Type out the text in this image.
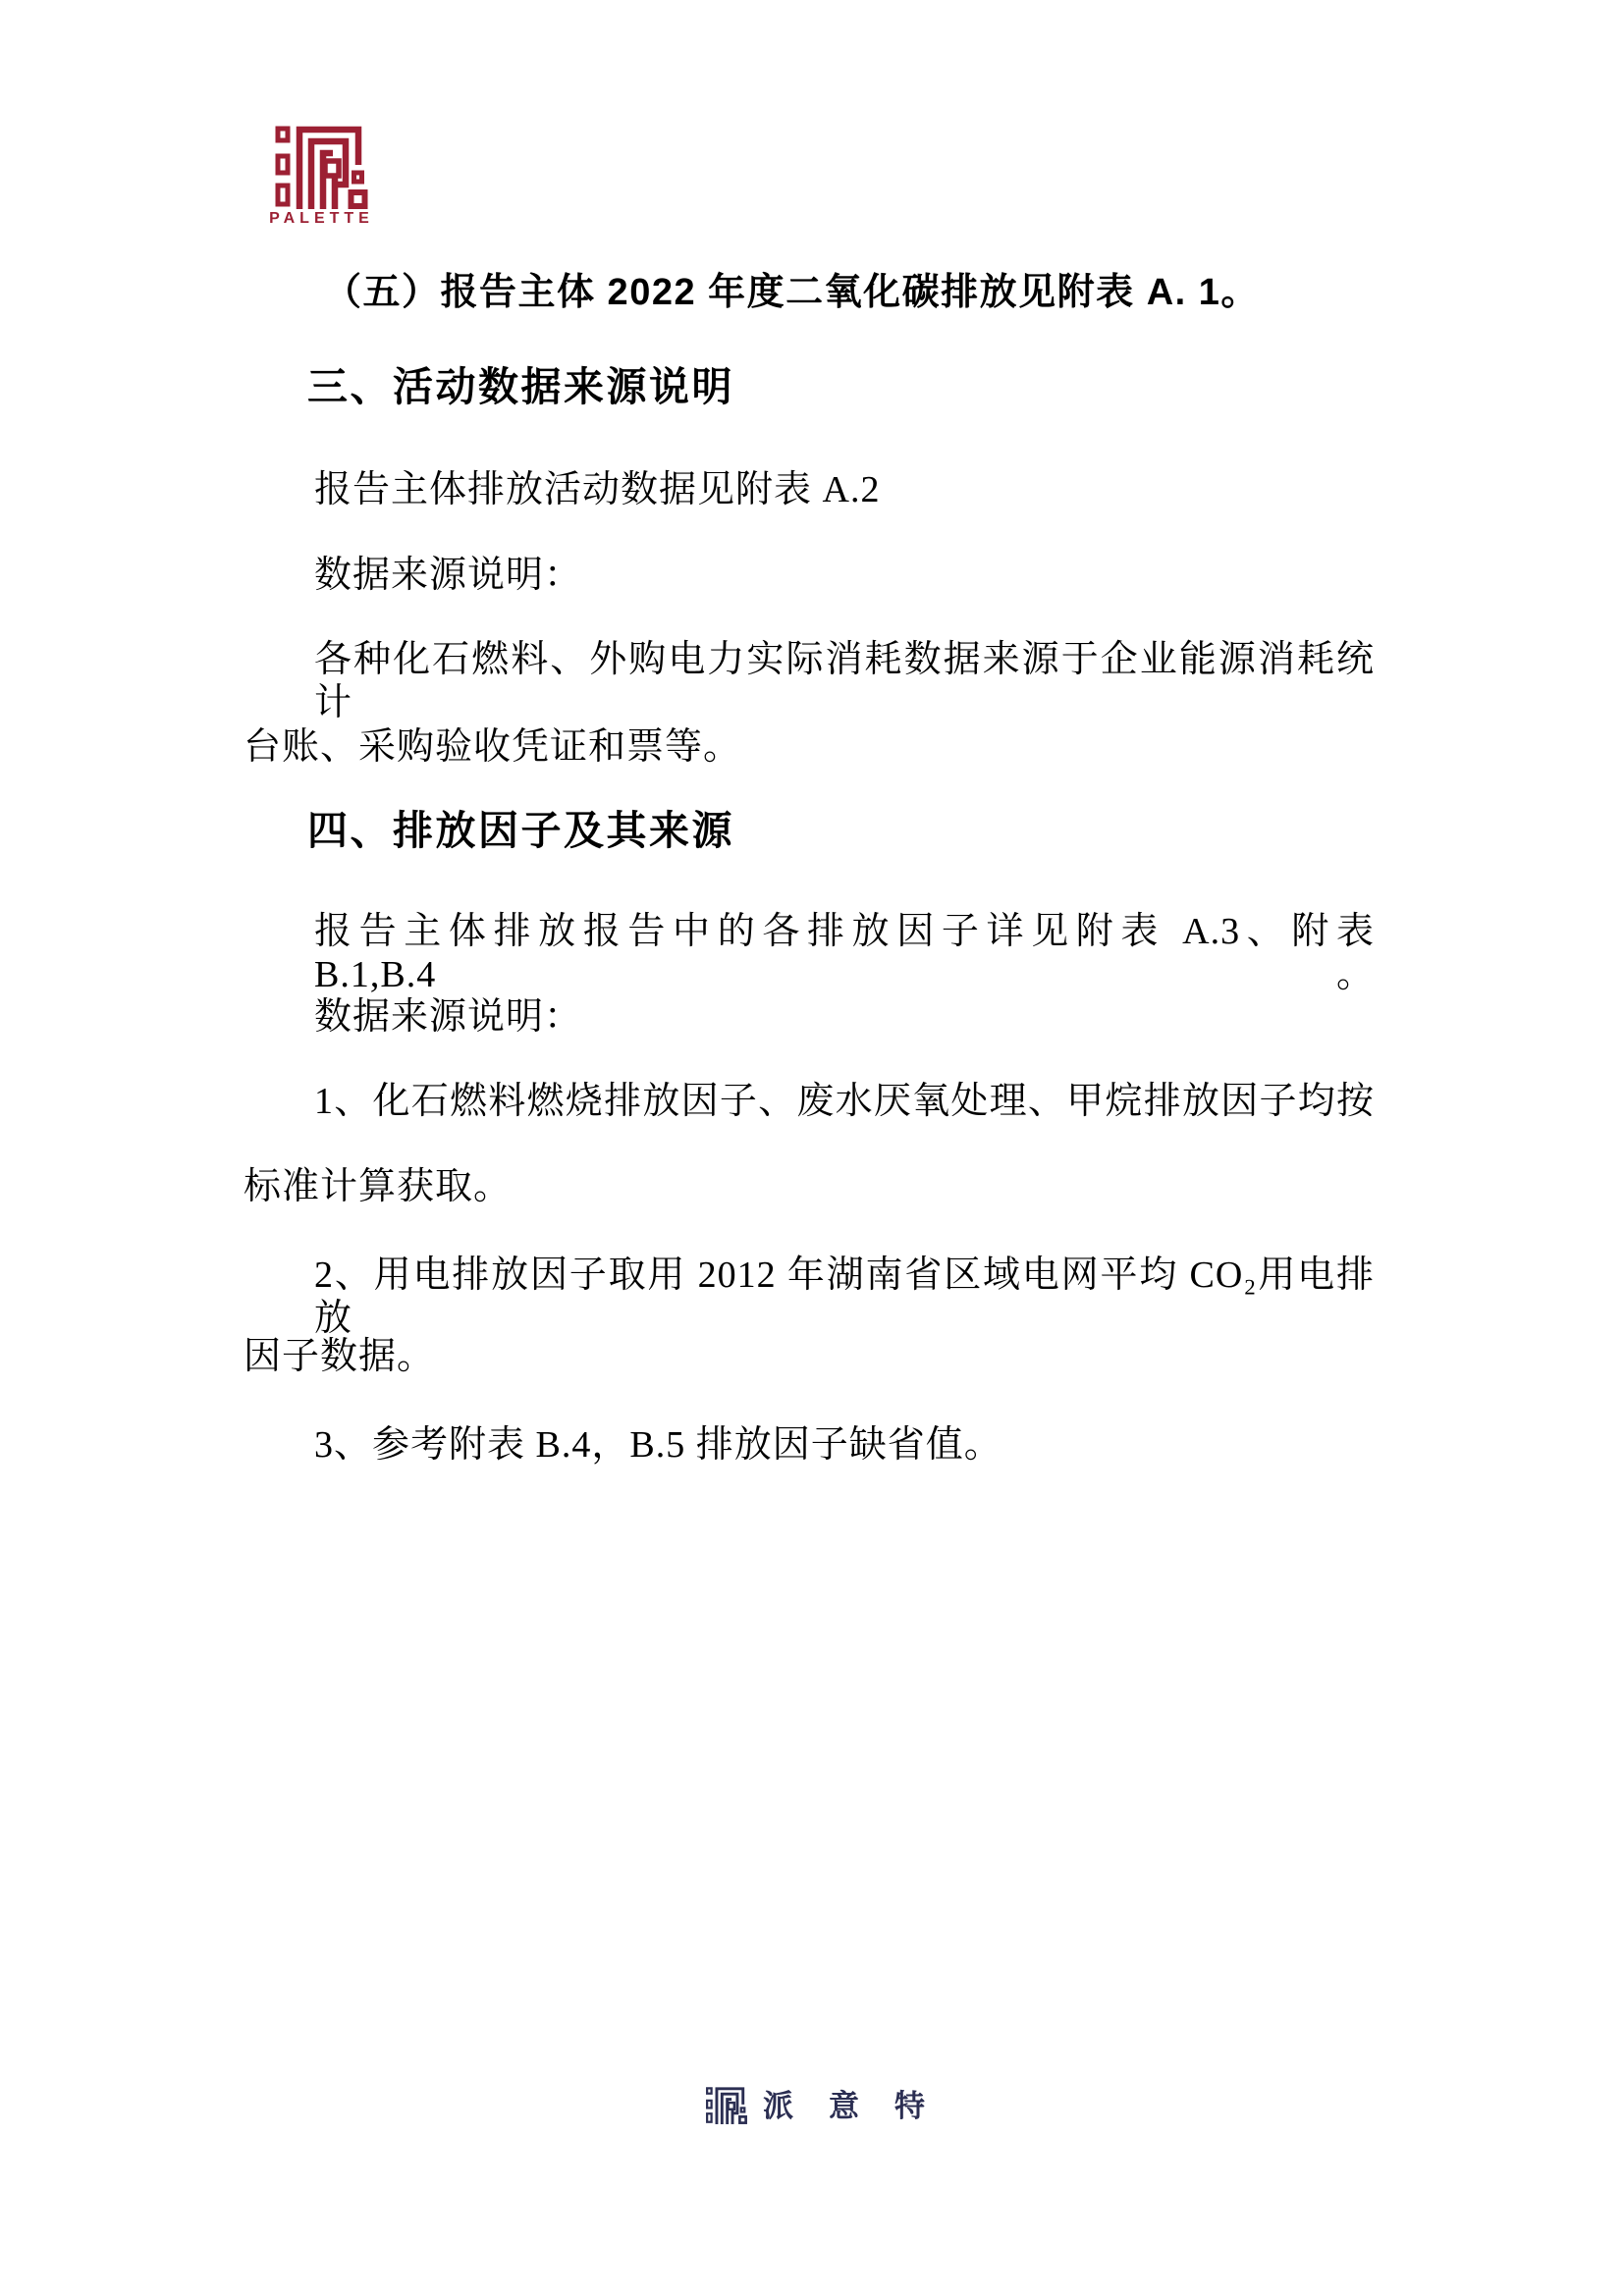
PALETTE
（五）报告主体 2022 年度二氧化碳排放见附表 A. 1。
三、活动数据来源说明
报告主体排放活动数据见附表 A.2
数据来源说明：
各种化石燃料、外购电力实际消耗数据来源于企业能源消耗统计
台账、采购验收凭证和票等。
四、排放因子及其来源
报告主体排放报告中的各排放因子详见附表 A.3、附表 B.1,B.4。
数据来源说明：
1、化石燃料燃烧排放因子、废水厌氧处理、甲烷排放因子均按
标准计算获取。
2、用电排放因子取用 2012 年湖南省区域电网平均 CO₂用电排放
因子数据。
3、参考附表 B.4，B.5 排放因子缺省值。
派意特
